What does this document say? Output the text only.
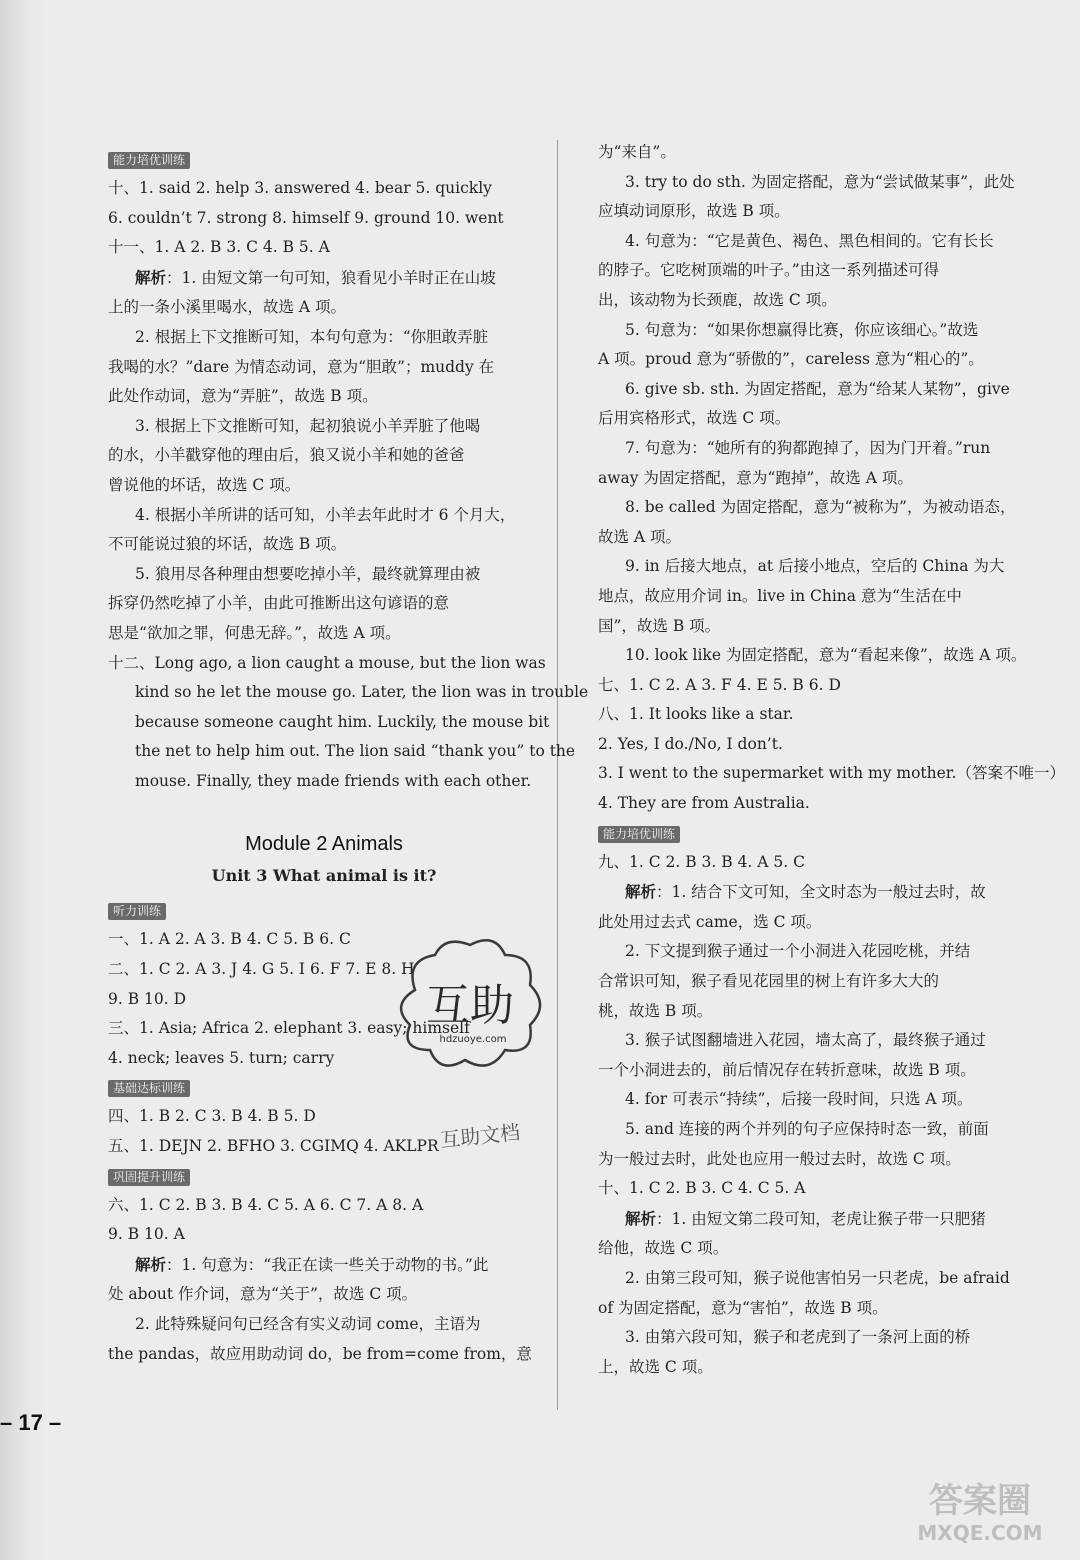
能力培优训练
十、1. said 2. help 3. answered 4. bear 5. quickly
6. couldn’t 7. strong 8. himself 9. ground 10. went
十一、1. A 2. B 3. C 4. B 5. A
解析：1. 由短文第一句可知，狼看见小羊时正在山坡
上的一条小溪里喝水，故选 A 项。
2. 根据上下文推断可知，本句句意为：“你胆敢弄脏
我喝的水？”dare 为情态动词，意为“胆敢”；muddy 在
此处作动词，意为“弄脏”，故选 B 项。
3. 根据上下文推断可知，起初狼说小羊弄脏了他喝
的水，小羊戳穿他的理由后，狼又说小羊和她的爸爸
曾说他的坏话，故选 C 项。
4. 根据小羊所讲的话可知，小羊去年此时才 6 个月大，
不可能说过狼的坏话，故选 B 项。
5. 狼用尽各种理由想要吃掉小羊，最终就算理由被
拆穿仍然吃掉了小羊，由此可推断出这句谚语的意
思是“欲加之罪，何患无辞。”，故选 A 项。
十二、Long ago, a lion caught a mouse, but the lion was
kind so he let the mouse go. Later, the lion was in trouble
because someone caught him. Luckily, the mouse bit
the net to help him out. The lion said “thank you” to the
mouse. Finally, they made friends with each other.
Module 2 Animals
Unit 3 What animal is it?
听力训练
一、1. A 2. A 3. B 4. C 5. B 6. C
二、1. C 2. A 3. J 4. G 5. I 6. F 7. E 8. H
9. B 10. D
三、1. Asia; Africa 2. elephant 3. easy; himself
4. neck; leaves 5. turn; carry
基础达标训练
四、1. B 2. C 3. B 4. B 5. D
五、1. DEJN 2. BFHO 3. CGIMQ 4. AKLPR
巩固提升训练
六、1. C 2. B 3. B 4. C 5. A 6. C 7. A 8. A
9. B 10. A
解析：1. 句意为：“我正在读一些关于动物的书。”此
处 about 作介词，意为“关于”，故选 C 项。
2. 此特殊疑问句已经含有实义动词 come，主语为
the pandas，故应用助动词 do，be from=come from，意
为“来自”。
3. try to do sth. 为固定搭配，意为“尝试做某事”，此处
应填动词原形，故选 B 项。
4. 句意为：“它是黄色、褐色、黑色相间的。它有长长
的脖子。它吃树顶端的叶子。”由这一系列描述可得
出，该动物为长颈鹿，故选 C 项。
5. 句意为：“如果你想赢得比赛，你应该细心。”故选
A 项。proud 意为“骄傲的”，careless 意为“粗心的”。
6. give sb. sth. 为固定搭配，意为“给某人某物”，give
后用宾格形式，故选 C 项。
7. 句意为：“她所有的狗都跑掉了，因为门开着。”run
away 为固定搭配，意为“跑掉”，故选 A 项。
8. be called 为固定搭配，意为“被称为”，为被动语态，
故选 A 项。
9. in 后接大地点，at 后接小地点，空后的 China 为大
地点，故应用介词 in。live in China 意为“生活在中
国”，故选 B 项。
10. look like 为固定搭配，意为“看起来像”，故选 A 项。
七、1. C 2. A 3. F 4. E 5. B 6. D
八、1. It looks like a star.
2. Yes, I do./No, I don’t.
3. I went to the supermarket with my mother.（答案不唯一）
4. They are from Australia.
能力培优训练
九、1. C 2. B 3. B 4. A 5. C
解析：1. 结合下文可知，全文时态为一般过去时，故
此处用过去式 came，选 C 项。
2. 下文提到猴子通过一个小洞进入花园吃桃，并结
合常识可知，猴子看见花园里的树上有许多大大的
桃，故选 B 项。
3. 猴子试图翻墙进入花园，墙太高了，最终猴子通过
一个小洞进去的，前后情况存在转折意味，故选 B 项。
4. for 可表示“持续”，后接一段时间，只选 A 项。
5. and 连接的两个并列的句子应保持时态一致，前面
为一般过去时，此处也应用一般过去时，故选 C 项。
十、1. C 2. B 3. C 4. C 5. A
解析：1. 由短文第二段可知，老虎让猴子带一只肥猪
给他，故选 C 项。
2. 由第三段可知，猴子说他害怕另一只老虎，be afraid
of 为固定搭配，意为“害怕”，故选 B 项。
3. 由第六段可知，猴子和老虎到了一条河上面的桥
上，故选 C 项。
– 17 –
互助
hdzuoye.com
互助文档
答案圈
MXQE.COM
